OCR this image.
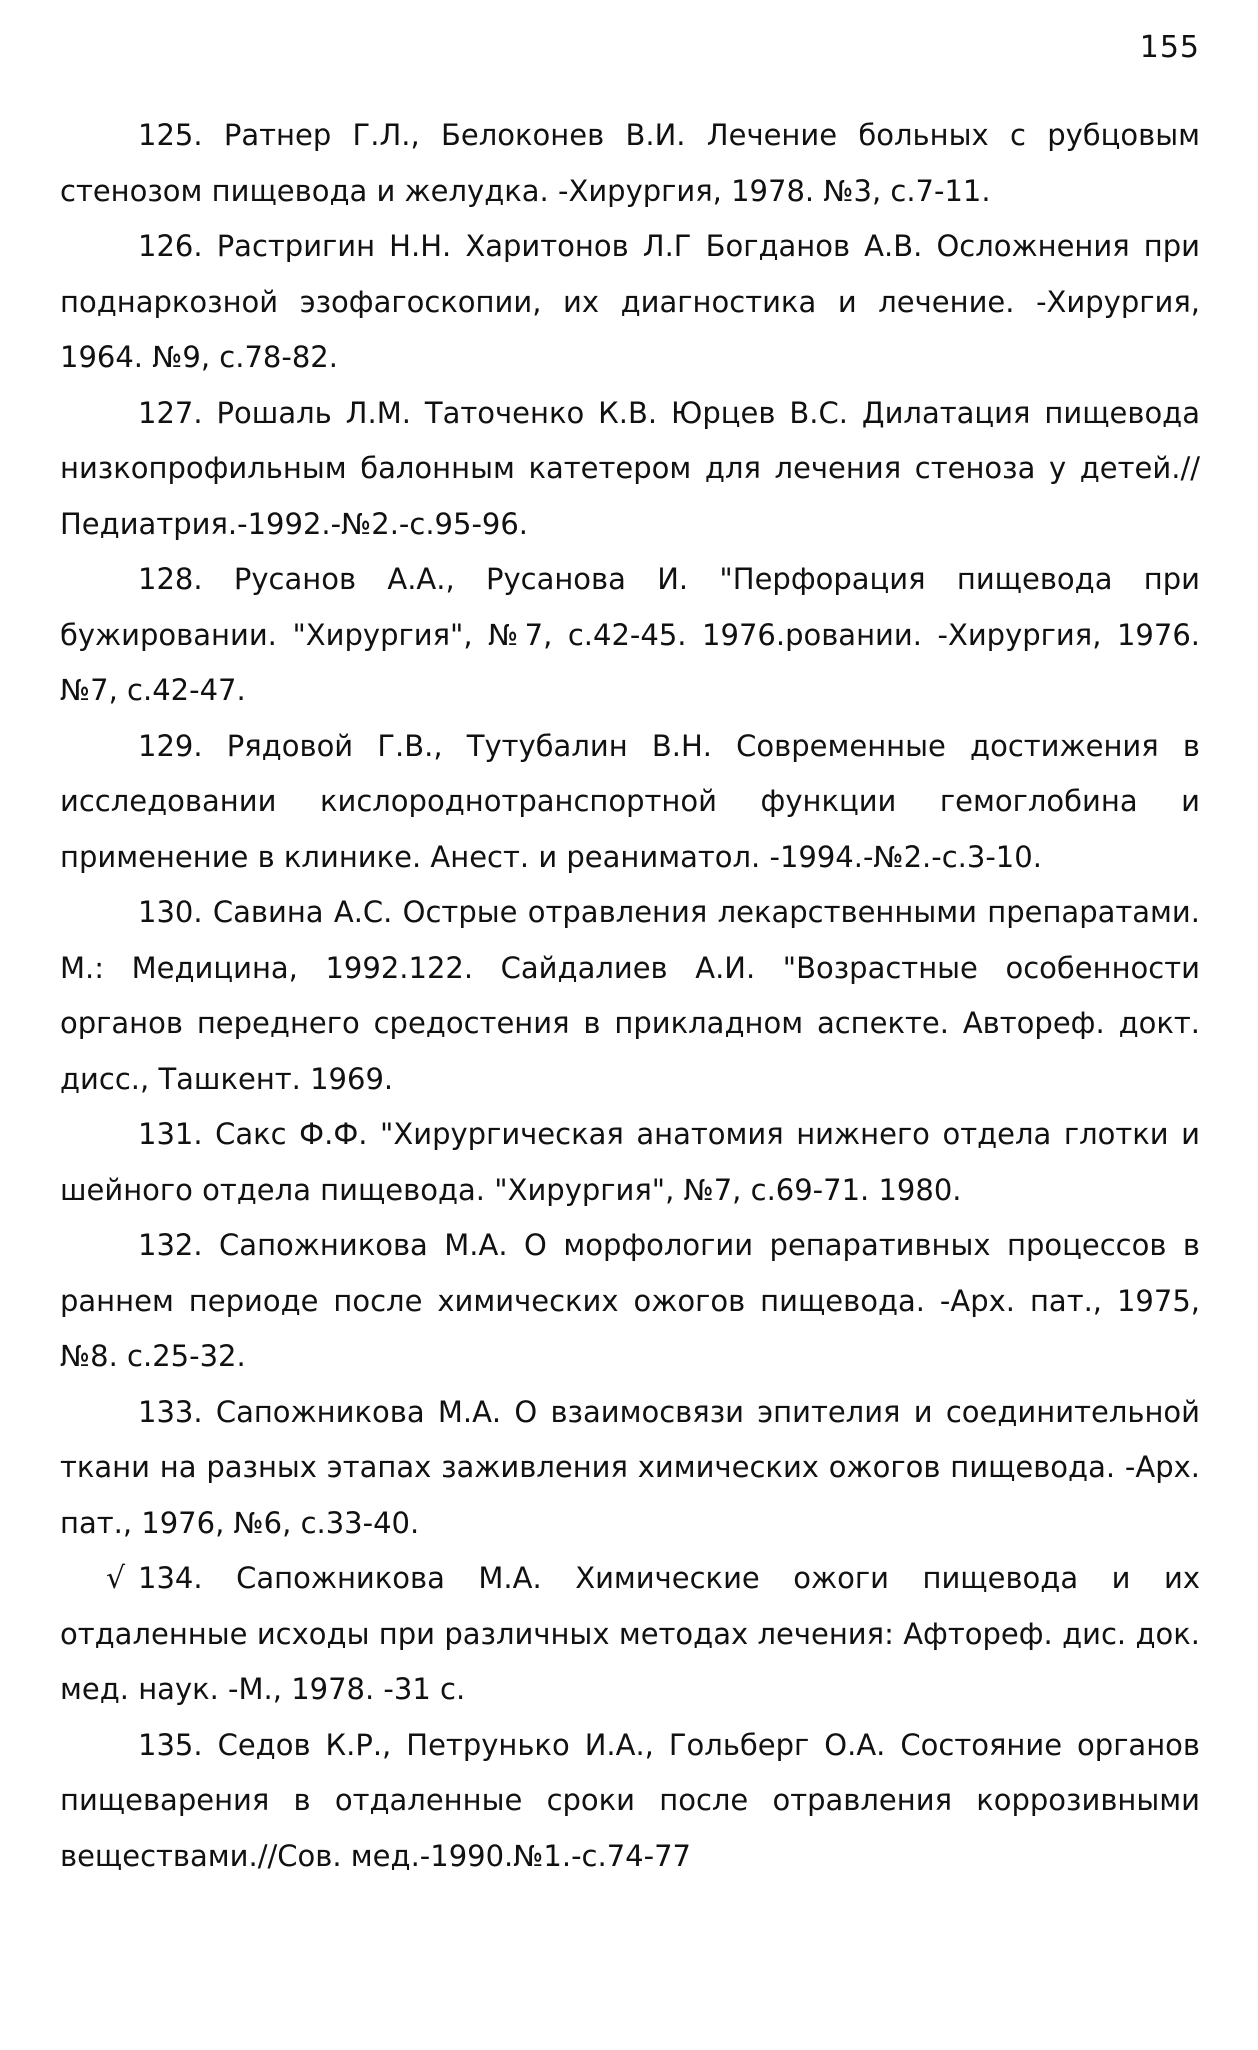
155
125. Ратнер Г.Л., Белоконев В.И. Лечение больных с рубцовым стенозом пищевода и желудка. -Хирургия, 1978. №3, с.7-11.
126. Растригин Н.Н. Харитонов Л.Г Богданов А.В. Осложнения при поднаркозной эзофагоскопии, их диагностика и лечение. -Хирургия, 1964. №9, с.78-82.
127. Рошаль Л.М. Таточенко К.В. Юрцев В.С. Дилатация пищевода низкопрофильным балонным катетером для лечения стеноза у детей.//Педиатрия.-1992.-№2.-с.95-96.
128. Русанов А.А., Русанова И. "Перфорация пищевода при бужировании. "Хирургия", №7, с.42-45. 1976.ровании. -Хирургия, 1976. №7, с.42-47.
129. Рядовой Г.В., Тутубалин В.Н. Современные достижения в исследовании кислороднотранспортной функции гемоглобина и применение в клинике. Анест. и реаниматол. -1994.-№2.-с.3-10.
130. Савина А.С. Острые отравления лекарственными препаратами. М.: Медицина, 1992.122. Сайдалиев А.И. "Возрастные особенности органов переднего средостения в прикладном аспекте. Автореф. докт. дисс., Ташкент. 1969.
131. Сакс Ф.Ф. "Хирургическая анатомия нижнего отдела глотки и шейного отдела пищевода. "Хирургия", №7, с.69-71. 1980.
132. Сапожникова М.А. О морфологии репаративных процессов в раннем периоде после химических ожогов пищевода. -Арх. пат., 1975, №8. с.25-32.
133. Сапожникова М.А. О взаимосвязи эпителия и соединительной ткани на разных этапах заживления химических ожогов пищевода. -Арх. пат., 1976, №6, с.33-40.
√ 134. Сапожникова М.А. Химические ожоги пищевода и их отдаленные исходы при различных методах лечения: Афтореф. дис. док. мед. наук. -М., 1978. -31 с.
135. Седов К.Р., Петрунько И.А., Гольберг О.А. Состояние органов пищеварения в отдаленные сроки после отравления коррозивными веществами.//Сов. мед.-1990.№1.-с.74-77
